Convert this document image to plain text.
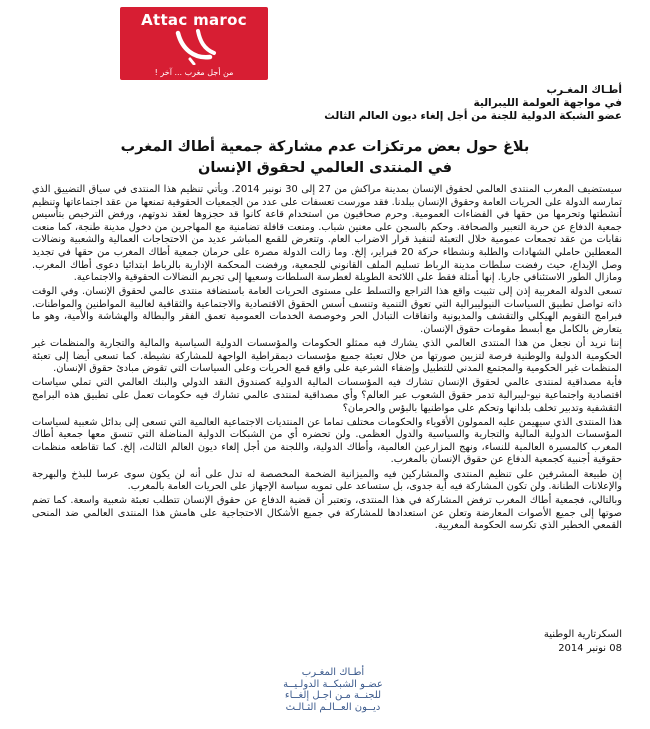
Attac maroc
من أجل مغرب ... آخر !
أطـاك المغـرب
في مواجهة العولمة الليبرالية
عضو الشبكة الدولية للجنة من أجل إلغاء ديون العالم الثالث
بلاغ حول بعض مرتكزات عدم مشاركة جمعية أطاك المغرب
في المنتدى العالمي لحقوق الإنسان

سيستضيف المغرب المنتدى العالمي لحقوق الإنسان بمدينة مراكش من 27 إلى 30 نونبر 2014. ويأتي تنظيم هذا المنتدى في سياق التضييق الذي تمارسه الدولة على الحريات العامة وحقوق الإنسان ببلدنا. فقد مورست تعسفات على عدد من الجمعيات الحقوقية تمنعها من عقد اجتماعاتها وتنظيم أنشطتها وتحرمها من حقها في الفضاءات العمومية. وحرم صحافيون من استخدام قاعة كانوا قد حجزوها لعقد ندوتهم، ورفض الترخيص بتأسيس جمعية الدفاع عن حرية التعبير والصحافة. وحكم بالسجن على مغنين شباب. ومنعت قافلة تضامنية مع المهاجرين من دخول مدينة طنجة، كما منعت نقابات من عقد تجمعات عمومية خلال التعبئة لتنفيذ قرار الاضراب العام. وتتعرض للقمع المباشر عديد من الاحتجاجات العمالية والشعبية ونضالات المعطلين حاملي الشهادات والطلبة ونشطاء حركة 20 فبراير، إلخ. وما زالت الدولة مصرة على حرمان جمعية أطاك المغرب من حقها في تجديد وصل الإيداع، حيث رفضت سلطات مدينة الرباط تسليم الملف القانوني للجمعية، ورفضت المحكمة الإدارية بالرباط ابتدائيا دعوى أطاك المغرب. ومازال الطور الاستئنافي جاريا. إنها أمثلة فقط على اللائحة الطويلة لغطرسة السلطات وسعيها إلى تجريم النضالات الحقوقية والاجتماعية.

تسعى الدولة المغربية إذن إلى تثبيت واقع هذا التراجع والتسلط على مستوى الحريات العامة باستضافة منتدى عالمي لحقوق الإنسان. وفي الوقت ذاته تواصل تطبيق السياسات النيوليبرالية التي تعوق التنمية وتنسف أسس الحقوق الاقتصادية والاجتماعية والثقافية لغالبية المواطنين والمواطنات. فبرامج التقويم الهيكلي والتقشف والمديونية واتفاقات التبادل الحر وخوصصة الخدمات العمومية تعمق الفقر والبطالة والهشاشة والأمية، وهو ما يتعارض بالكامل مع أبسط مقومات حقوق الإنسان.

إننا نريد أن نجعل من هذا المنتدى العالمي الذي يشارك فيه ممثلو الحكومات والمؤسسات الدولية السياسية والمالية والتجارية والمنظمات غير الحكومية الدولية والوطنية فرصة لتزيين صورتها من خلال تعبئة جميع مؤسسات ديمقراطية الواجهة للمشاركة نشيطة. كما تسعى أيضا إلى تعبئة المنظمات غير الحكومية والمجتمع المدني للتطبيل وإضفاء الشرعية على واقع قمع الحريات وعلى السياسات التي تقوض مبادئ حقوق الإنسان.

فأية مصداقية لمنتدى عالمي لحقوق الإنسان تشارك فيه المؤسسات المالية الدولية كصندوق النقد الدولي والبنك العالمي التي تملي سياسات اقتصادية واجتماعية نيو-ليبرالية تدمر حقوق الشعوب عبر العالم؟ وأي مصداقية لمنتدى عالمي تشارك فيه حكومات تعمل على تطبيق هذه البرامج التقشفية وتدبير تخلف بلدانها وتحكم على مواطنيها بالبؤس والحرمان؟

هذا المنتدى الذي سيهيمن عليه الممولون الأقوياء والحكومات مختلف تماما عن المنتديات الاجتماعية العالمية التي تسعى إلى بدائل شعبية لسياسات المؤسسات الدولية المالية والتجارية والسياسية والدول العظمى. ولن تحضره أي من الشبكات الدولية المناضلة التي تنسق معها جمعية أطاك المغرب كالمسيرة العالمية للنساء، ونهج المزارعين العالمية، وأطاك الدولية، واللجنة من أجل إلغاء ديون العالم الثالث، إلخ. كما تقاطعه منظمات حقوقية أجنبية كجمعية الدفاع عن حقوق الإنسان بالمغرب.

إن طبيعة المشرفين على تنظيم المنتدى والمشاركين فيه والميزانية الضخمة المخصصة له تدل على أنه لن يكون سوى عرسا للبذخ والبهرجة والإعلانات الطنانة. ولن تكون المشاركة فيه أية جدوى، بل ستساعد على تمويه سياسة الإجهاز على الحريات العامة بالمغرب.

وبالتالي، فجمعية أطاك المغرب ترفض المشاركة في هذا المنتدى، وتعتبر أن قضية الدفاع عن حقوق الإنسان تتطلب تعبئة شعبية واسعة. كما تضم صوتها إلى جميع الأصوات المعارضة وتعلن عن استعدادها للمشاركة في جميع الأشكال الاحتجاجية على هامش هذا المنتدى العالمي ضد المنحى القمعي الخطير الذي تكرسه الحكومة المغربية.

السكرتارية الوطنية
08 نونبر 2014
أطـاك المغـرب
عضـو الشبكــة الدولـيــة
للجنــة مـن اجـل إلغــاء
ديــون العــالـم الثـالـث
